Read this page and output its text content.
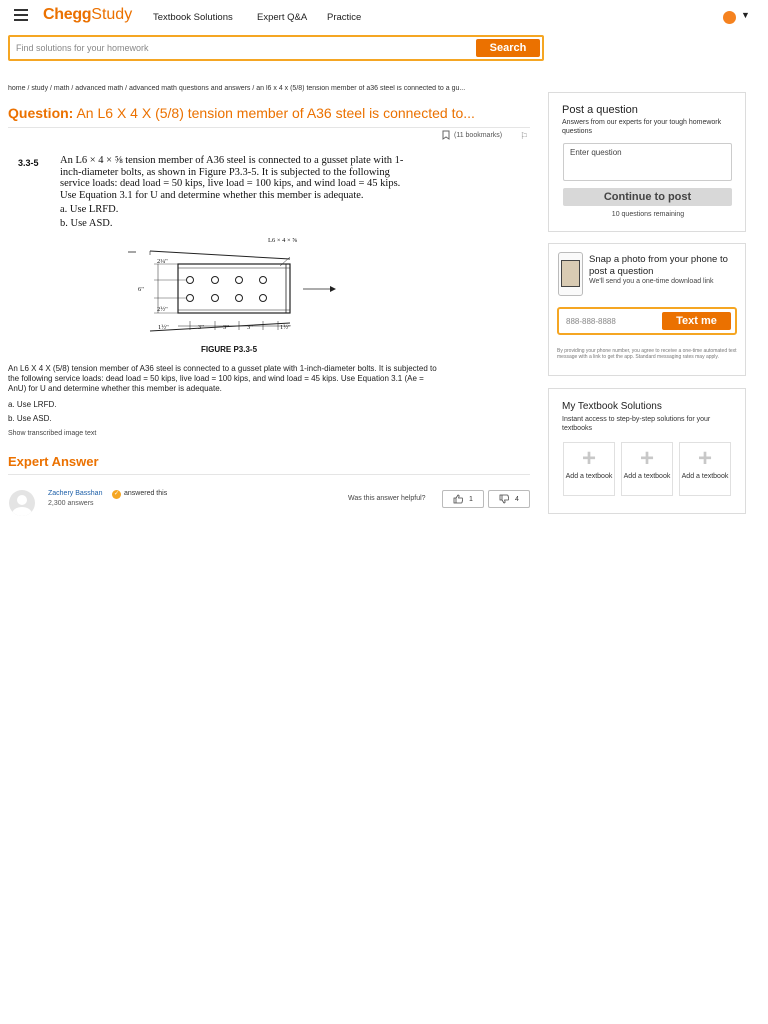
CheggStudy Textbook Solutions	Expert Q&A Practice	▼
Find solutions for your homework
Search
home / study / math / advanced math / advanced math questions and answers / an l6 x 4 x (5/8) tension member of a36 steel is connected to a gu...
Question: An L6 X 4 X (5/8) tension member of A36 steel is connected to...
(11 bookmarks) ⚐
3.3-5 An L6 × 4 × ⅝ tension member of A36 steel is connected to a gusset plate with 1-inch-diameter bolts, as shown in Figure P3.3-5. It is subjected to the following service loads: dead load = 50 kips, live load = 100 kips, and wind load = 45 kips. Use Equation 3.1 for U and determine whether this member is adequate.
a. Use LRFD.
b. Use ASD.
L6 × 4 × ⅝
2¼"
6"
2½"
1½"	3"	3"	3"	1½"
FIGURE P3.3-5
An L6 X 4 X (5/8) tension member of A36 steel is connected to a gusset plate with 1-inch-diameter bolts. It is subjected to the following service loads: dead load = 50 kips, live load = 100 kips, and wind load = 45 kips. Use Equation 3.1 (Ae = AnU) for U and determine whether this member is adequate.
a. Use LRFD.
b. Use ASD.
Show transcribed image text
Expert Answer
Zachery Basshan	✓ answered this
2,300 answers
Was this answer helpful?	1	4
Post a question
Answers from our experts for your tough homework questions
Enter question
Continue to post
10 questions remaining
Snap a photo from your phone to post a question
We'll send you a one-time download link
888-888-8888
Text me
By providing your phone number, you agree to receive a one-time automated text message with a link to get the app. Standard messaging rates may apply.
My Textbook Solutions
Instant access to step-by-step solutions for your textbooks
+
Add a textbook
+
Add a textbook
+
Add a textbook
